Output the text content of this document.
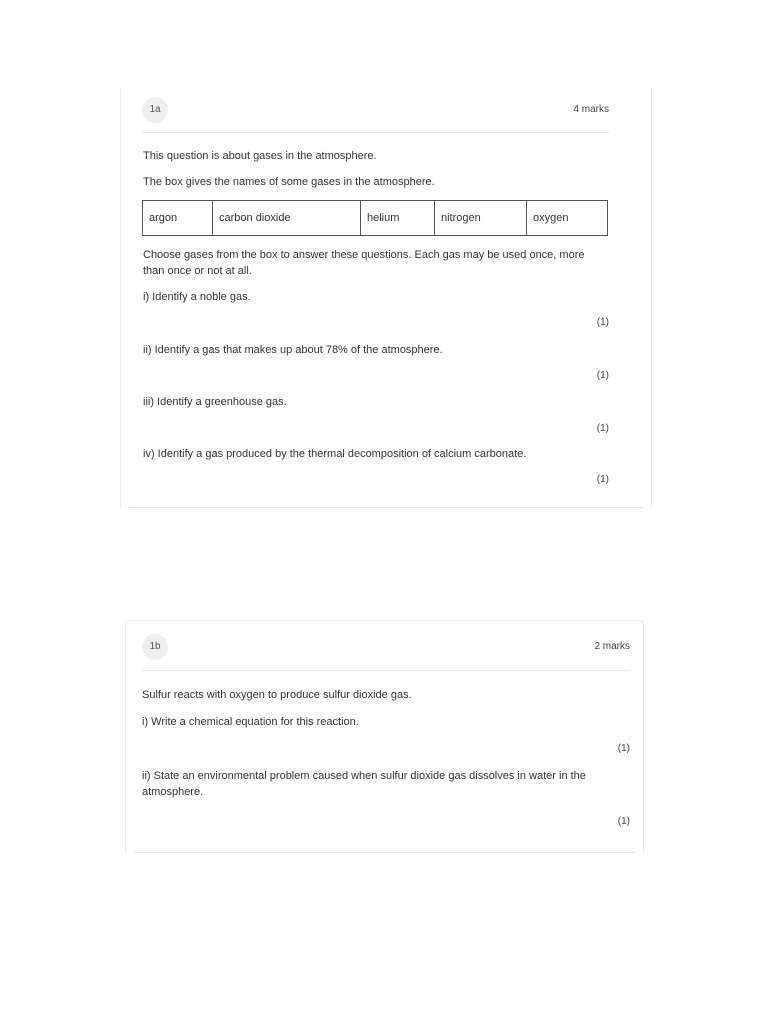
1a	4 marks
This question is about gases in the atmosphere.
The box gives the names of some gases in the atmosphere.
argon	carbon dioxide	helium	nitrogen	oxygen
Choose gases from the box to answer these questions. Each gas may be used once, more than once or not at all.
i) Identify a noble gas.
(1)
ii) Identify a gas that makes up about 78% of the atmosphere.
(1)
iii) Identify a greenhouse gas.
(1)
iv) Identify a gas produced by the thermal decomposition of calcium carbonate.
(1)
1b	2 marks
Sulfur reacts with oxygen to produce sulfur dioxide gas.
i) Write a chemical equation for this reaction.
(1)
ii) State an environmental problem caused when sulfur dioxide gas dissolves in water in the atmosphere.
(1)
